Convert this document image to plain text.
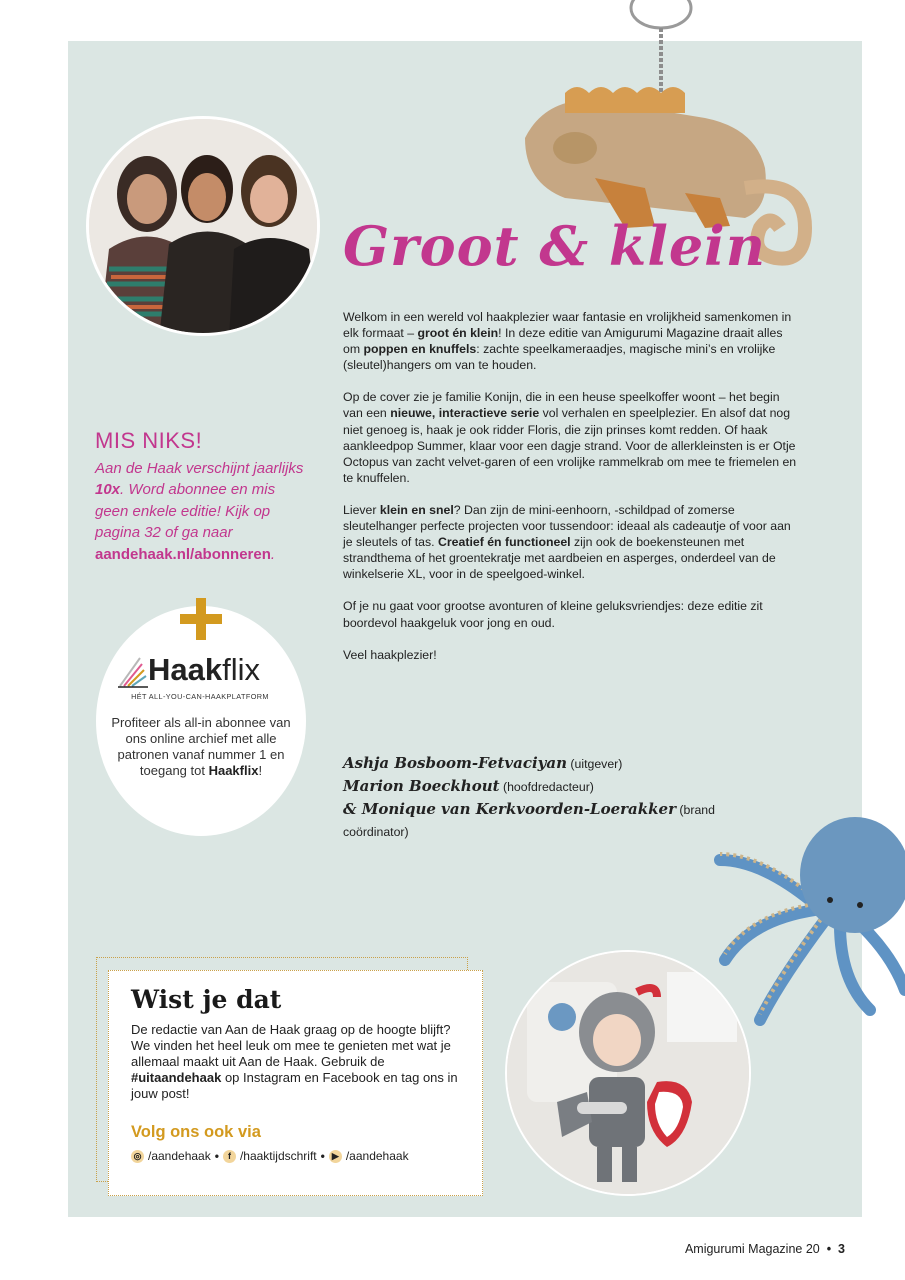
Groot & klein

Welkom in een wereld vol haakplezier waar fantasie en vrolijkheid samenkomen in elk formaat – groot én klein! In deze editie van Amigurumi Magazine draait alles om poppen en knuffels: zachte speelkameraadjes, magische mini’s en vrolijke (sleutel)hangers om van te houden.

Op de cover zie je familie Konijn, die in een heuse speelkoffer woont – het begin van een nieuwe, interactieve serie vol verhalen en speelplezier. En alsof dat nog niet genoeg is, haak je ook ridder Floris, die zijn prinses komt redden. Of haak aankleedpop Summer, klaar voor een dagje strand. Voor de allerkleinsten is er Otje Octopus van zacht velvet-garen of een vrolijke rammelkrab om mee te friemelen en te knuffelen.

Liever klein en snel? Dan zijn de mini-eenhoorn, -schildpad of zomerse sleutelhanger perfecte projecten voor tussendoor: ideaal als cadeautje of voor aan je sleutels of tas. Creatief én functioneel zijn ook de boekensteunen met strandthema of het groentekratje met aardbeien en asperges, onderdeel van de winkelserie XL, voor in de speelgoed-winkel.

Of je nu gaat voor grootse avonturen of kleine geluksvriendjes: deze editie zit boordevol haakgeluk voor jong en oud.

Veel haakplezier!

Ashja Bosboom-Fetvaciyan (uitgever)
Marion Boeckhout (hoofdredacteur)
& Monique van Kerkvoorden-Loerakker (brand coördinator)
MIS NIKS!
Aan de Haak verschijnt jaarlijks 10x. Word abonnee en mis geen enkele editie! Kijk op pagina 32 of ga naar aandehaak.nl/abonneren.
Haakflix
HÉT ALL-YOU-CAN-HAAKPLATFORM
Profiteer als all-in abonnee van ons online archief met alle patronen vanaf nummer 1 en toegang tot Haakflix!
Wist je dat
De redactie van Aan de Haak graag op de hoogte blijft? We vinden het heel leuk om mee te genieten met wat je allemaal maakt uit Aan de Haak. Gebruik de #uitaandehaak op Instagram en Facebook en tag ons in jouw post!
Volg ons ook via
◎ /aandehaak •	f /haaktijdschrift • ▶ /aandehaak
Amigurumi Magazine 20 • 3
